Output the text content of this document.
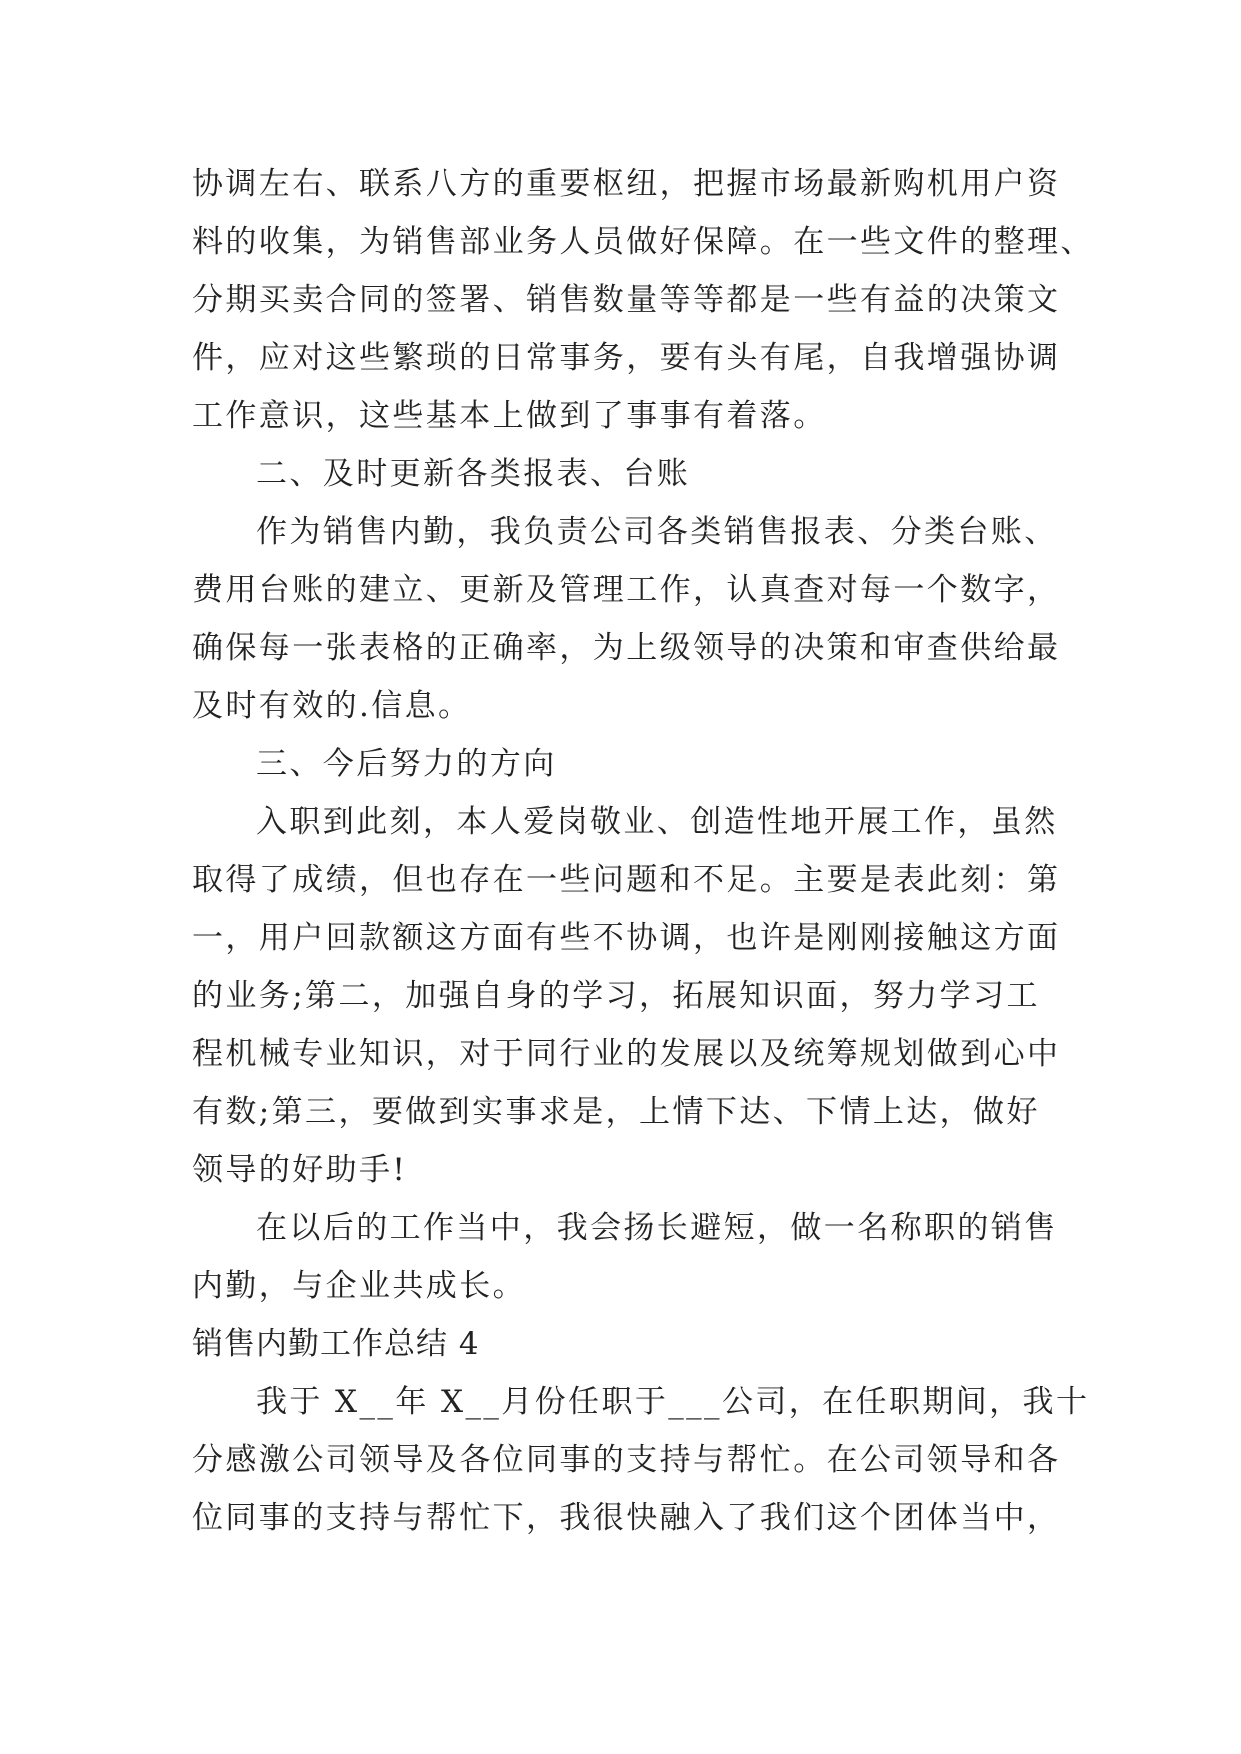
协调左右、联系八方的重要枢纽，把握市场最新购机用户资
料的收集，为销售部业务人员做好保障。在一些文件的整理、
分期买卖合同的签署、销售数量等等都是一些有益的决策文
件，应对这些繁琐的日常事务，要有头有尾，自我增强协调
工作意识，这些基本上做到了事事有着落。
二、及时更新各类报表、台账
作为销售内勤，我负责公司各类销售报表、分类台账、
费用台账的建立、更新及管理工作，认真查对每一个数字，
确保每一张表格的正确率，为上级领导的决策和审查供给最
及时有效的.信息。
三、今后努力的方向
入职到此刻，本人爱岗敬业、创造性地开展工作，虽然
取得了成绩，但也存在一些问题和不足。主要是表此刻：第
一，用户回款额这方面有些不协调，也许是刚刚接触这方面
的业务;第二，加强自身的学习，拓展知识面，努力学习工
程机械专业知识，对于同行业的发展以及统筹规划做到心中
有数;第三，要做到实事求是，上情下达、下情上达，做好
领导的好助手!
在以后的工作当中，我会扬长避短，做一名称职的销售
内勤，与企业共成长。
销售内勤工作总结 4
我于 X__年 X__月份任职于___公司，在任职期间，我十
分感激公司领导及各位同事的支持与帮忙。在公司领导和各
位同事的支持与帮忙下，我很快融入了我们这个团体当中，
